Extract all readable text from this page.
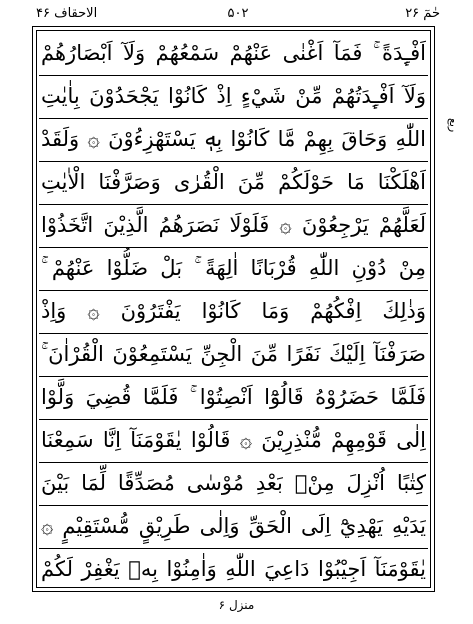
الاحقاف ۴۶	۵۰۲	حٰمٓ ۲۶
اَفْـِٕدَةً ۚ فَمَآ اَغْنٰى عَنْهُمْ سَمْعُهُمْ وَلَآ اَبْصَارُهُمْ
وَلَآ اَفْـِٕدَتُهُمْ مِّنْ شَيْءٍ اِذْ كَانُوْا يَجْحَدُوْنَ بِاٰيٰتِ
اللّٰهِ وَحَاقَ بِهِمْ مَّا كَانُوْا بِهٖ يَسْتَهْزِءُوْنَ ۞ وَلَقَدْ
اَهْلَكْنَا مَا حَوْلَكُمْ مِّنَ الْقُرٰى وَصَرَّفْنَا الْاٰيٰتِ
لَعَلَّهُمْ يَرْجِعُوْنَ ۞ فَلَوْلَا نَصَرَهُمُ الَّذِيْنَ اتَّخَذُوْا
مِنْ دُوْنِ اللّٰهِ قُرْبَانًا اٰلِهَةً ۚ بَلْ ضَلُّوْا عَنْهُمْ ۚ
وَذٰلِكَ اِفْكُهُمْ وَمَا كَانُوْا يَفْتَرُوْنَ ۞ وَاِذْ
صَرَفْنَآ اِلَيْكَ نَفَرًا مِّنَ الْجِنِّ يَسْتَمِعُوْنَ الْقُرْاٰنَ ۚ
فَلَمَّا حَضَرُوْهُ قَالُوْٓا اَنْصِتُوْا ۚ فَلَمَّا قُضِيَ وَلَّوْا
اِلٰى قَوْمِهِمْ مُّنْذِرِيْنَ ۞ قَالُوْا يٰقَوْمَنَآ اِنَّا سَمِعْنَا
كِتٰبًا اُنْزِلَ مِنْۢ بَعْدِ مُوْسٰى مُصَدِّقًا لِّمَا بَيْنَ
يَدَيْهِ يَهْدِيْٓ اِلَى الْحَقِّ وَاِلٰى طَرِيْقٍ مُّسْتَقِيْمٍ ۞
يٰقَوْمَنَآ اَجِيْبُوْا دَاعِيَ اللّٰهِ وَاٰمِنُوْا بِهٖ يَغْفِرْ لَكُمْ
ربع
منزل ۶
